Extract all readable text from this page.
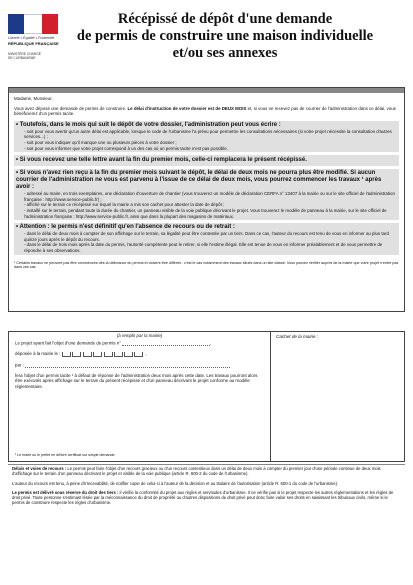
Liberté • Égalité • Fraternité
RÉPUBLIQUE FRANÇAISE
MINISTÈRE CHARGÉ
DE L'URBANISME
Récépissé de dépôt d'une demande
de permis de construire une maison individuelle
et/ou ses annexes

Madame, Monsieur,

Vous avez déposé une demande de permis de construire. Le délai d'instruction de votre dossier est de DEUX MOIS et, si vous ne recevez pas de courrier de l'administration dans ce délai, vous bénéficierez d'un permis tacite.

• Toutefois, dans le mois qui suit le dépôt de votre dossier, l'administration peut vous écrire :
- soit pour vous avertir qu'un autre délai est applicable, lorsque le code de l'urbanisme l'a prévu pour permettre les consultations nécessaires (si votre projet nécessite la consultation d'autres services...) ;
- soit pour vous indiquer qu'il manque une ou plusieurs pièces à votre dossier ;
- soit pour vous informer que votre projet correspond à un des cas où un permis tacite n'est pas possible.
• Si vous recevez une telle lettre avant la fin du premier mois, celle-ci remplacera le présent récépissé.
• Si vous n'avez rien reçu à la fin du premier mois suivant le dépôt, le délai de deux mois ne pourra plus être modifié. Si aucun courrier de l'administration ne vous est parvenu à l'issue de ce délai de deux mois, vous pourrez commencer les travaux ¹ après avoir :
- adressé au maire, en trois exemplaires, une déclaration d'ouverture de chantier (vous trouverez un modèle de déclaration CERFA n° 13407 à la mairie ou sur le site officiel de l'administration française : http://www.service-public.fr) ;
- affiché sur le terrain ce récépissé sur lequel la mairie a mis son cachet pour attester la date de dépôt ;
- installé sur le terrain, pendant toute la durée du chantier, un panneau visible de la voie publique décrivant le projet. Vous trouverez le modèle de panneau à la mairie, sur le site officiel de l'administration française : http://www.service-public.fr, ainsi que dans la plupart des magasins de matériaux.
• Attention : le permis n'est définitif qu'en l'absence de recours ou de retrait :
- dans le délai de deux mois à compter de son affichage sur le terrain, sa légalité peut être contestée par un tiers. Dans ce cas, l'auteur du recours est tenu de vous en informer au plus tard quinze jours après le dépôt du recours.
- dans le délai de trois mois après la date du permis, l'autorité compétente peut le retirer, si elle l'estime illégal. Elle est tenue de vous en informer préalablement et de vous permettre de répondre à ses observations.
¹ Certains travaux ne peuvent pas être commencés dès la délivrance du permis et doivent être différés : c'est le cas notamment des travaux situés dans un site classé. Vous pouvez vérifier auprès de la mairie que votre projet n'entre pas dans ces cas.
(à remplir par la mairie)
Le projet ayant fait l'objet d'une demande de permis n°	,
déposée à la mairie le :	,
par :
fera l'objet d'un permis tacite ¹ à défaut de réponse de l'administration deux mois après cette date. Les travaux pourront alors être exécutés après affichage sur le terrain du présent récépissé et d'un panneau décrivant le projet conforme au modèle réglementaire.
¹ Le maire ou le préfet en délivre certificat sur simple demande.
Cachet de la mairie :

Délais et voies de recours : Le permis peut faire l'objet d'un recours gracieux ou d'un recours contentieux dans un délai de deux mois à compter du premier jour d'une période continue de deux mois d'affichage sur le terrain d'un panneau décrivant le projet et visible de la voie publique (article R. 600-2 du code de l'urbanisme).

L'auteur du recours est tenu, à peine d'irrecevabilité, de notifier copie de celui-ci à l'auteur de la décision et au titulaire de l'autorisation (article R. 600-1 du code de l'urbanisme).

Le permis est délivré sous réserve du droit des tiers : il vérifie la conformité du projet aux règles et servitudes d'urbanisme. Il ne vérifie pas si le projet respecte les autres réglementations et les règles de droit privé. Toute personne s'estimant lésée par la méconnaissance du droit de propriété ou d'autres dispositions de droit privé peut donc faire valoir ses droits en saisissant les tribunaux civils, même si le permis de construire respecte les règles d'urbanisme.
